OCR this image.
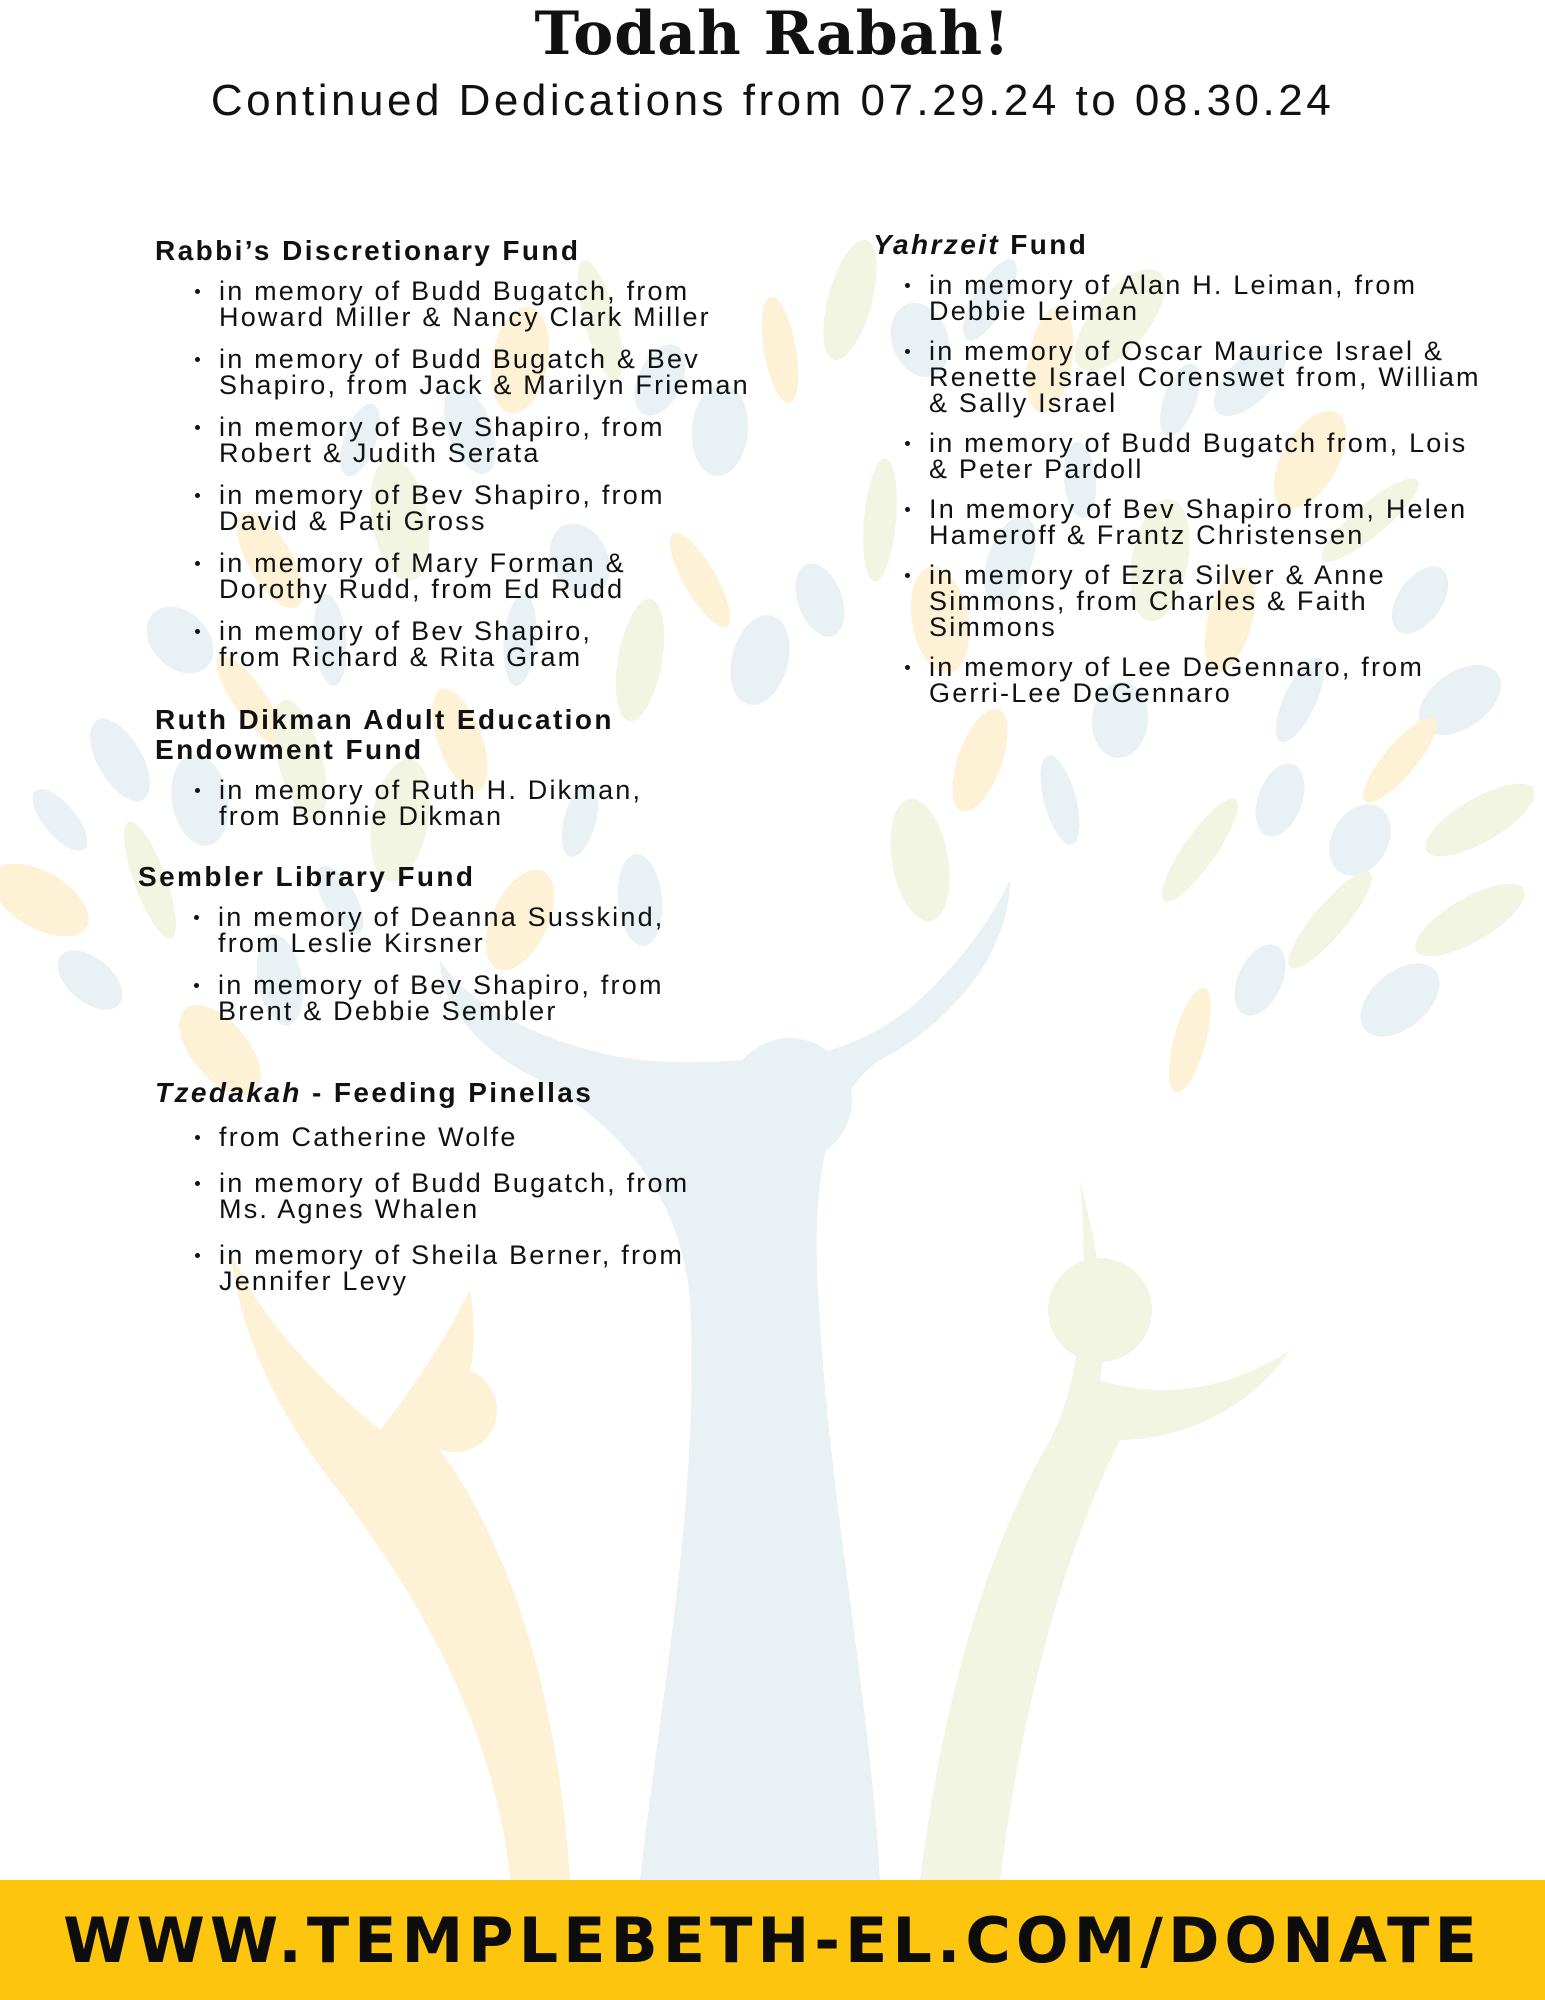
Todah Rabah!
Continued Dedications from 07.29.24 to 08.30.24
Rabbi’s Discretionary Fund
in memory of Budd Bugatch, from
Howard Miller & Nancy Clark Miller
in memory of Budd Bugatch & Bev
Shapiro, from Jack & Marilyn Frieman
in memory of Bev Shapiro, from
Robert & Judith Serata
in memory of Bev Shapiro, from
David & Pati Gross
in memory of Mary Forman &
Dorothy Rudd, from Ed Rudd
in memory of Bev Shapiro,
from Richard & Rita Gram
Ruth Dikman Adult Education
Endowment Fund
in memory of Ruth H. Dikman,
from Bonnie Dikman
Sembler Library Fund
in memory of Deanna Susskind,
from Leslie Kirsner
in memory of Bev Shapiro, from
Brent & Debbie Sembler
Tzedakah - Feeding Pinellas
from Catherine Wolfe
in memory of Budd Bugatch, from
Ms. Agnes Whalen
in memory of Sheila Berner, from
Jennifer Levy
Yahrzeit Fund
in memory of Alan H. Leiman, from
Debbie Leiman
in memory of Oscar Maurice Israel &
Renette Israel Corenswet from, William
& Sally Israel
in memory of Budd Bugatch from, Lois
& Peter Pardoll
In memory of Bev Shapiro from, Helen
Hameroff & Frantz Christensen
in memory of Ezra Silver & Anne
Simmons, from Charles & Faith
Simmons
in memory of Lee DeGennaro, from
Gerri-Lee DeGennaro
WWW.TEMPLEBETH-EL.COM/DONATE
